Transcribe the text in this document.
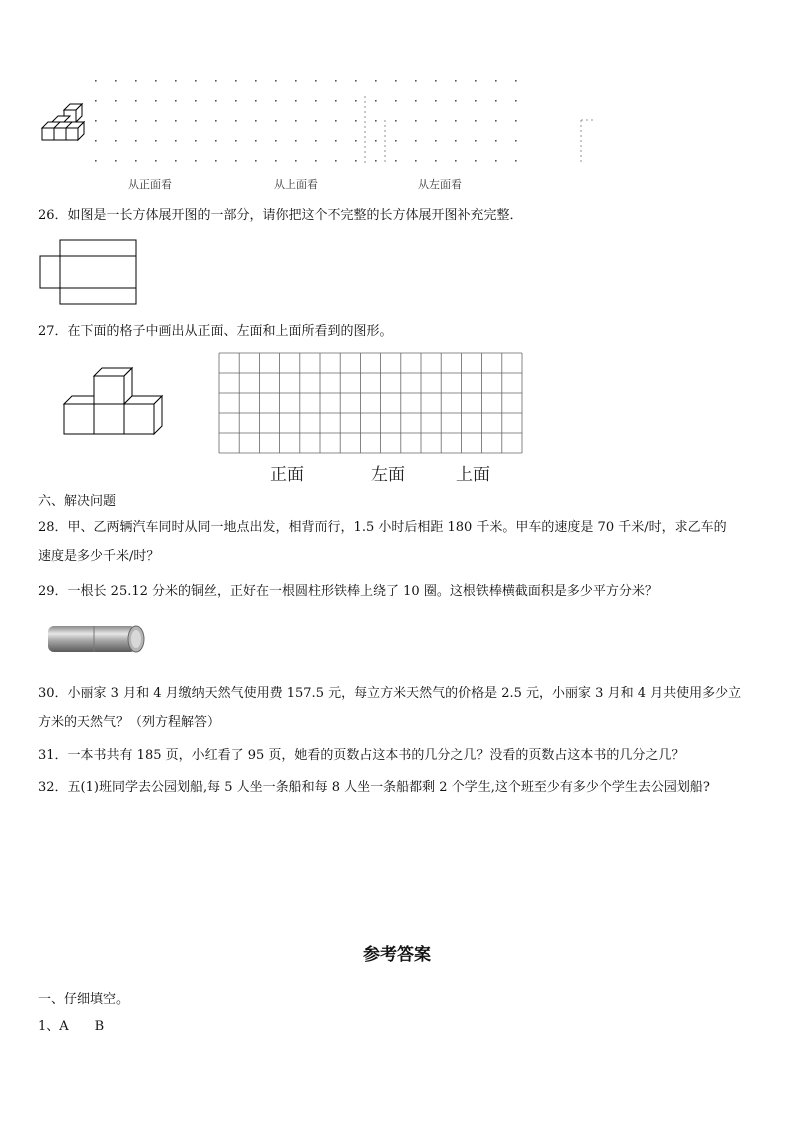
从正面看	从上面看	从左面看
26．如图是一长方体展开图的一部分，请你把这个不完整的长方体展开图补充完整．
27．在下面的格子中画出从正面、左面和上面所看到的图形。
正面	左面	上面
六、解决问题
28．甲、乙两辆汽车同时从同一地点出发，相背而行，1.5 小时后相距 180 千米。甲车的速度是 70 千米/时，求乙车的
速度是多少千米/时？
29．一根长 25.12 分米的铜丝，正好在一根圆柱形铁棒上绕了 10 圈。这根铁棒横截面积是多少平方分米？
30．小丽家 3 月和 4 月缴纳天然气使用费 157.5 元，每立方米天然气的价格是 2.5 元，小丽家 3 月和 4 月共使用多少立
方米的天然气？（列方程解答）
31．一本书共有 185 页，小红看了 95 页，她看的页数占这本书的几分之几？没看的页数占这本书的几分之几？
32．五(1)班同学去公园划船,每 5 人坐一条船和每 8 人坐一条船都剩 2 个学生,这个班至少有多少个学生去公园划船?
参考答案
一、仔细填空。
1、A B
